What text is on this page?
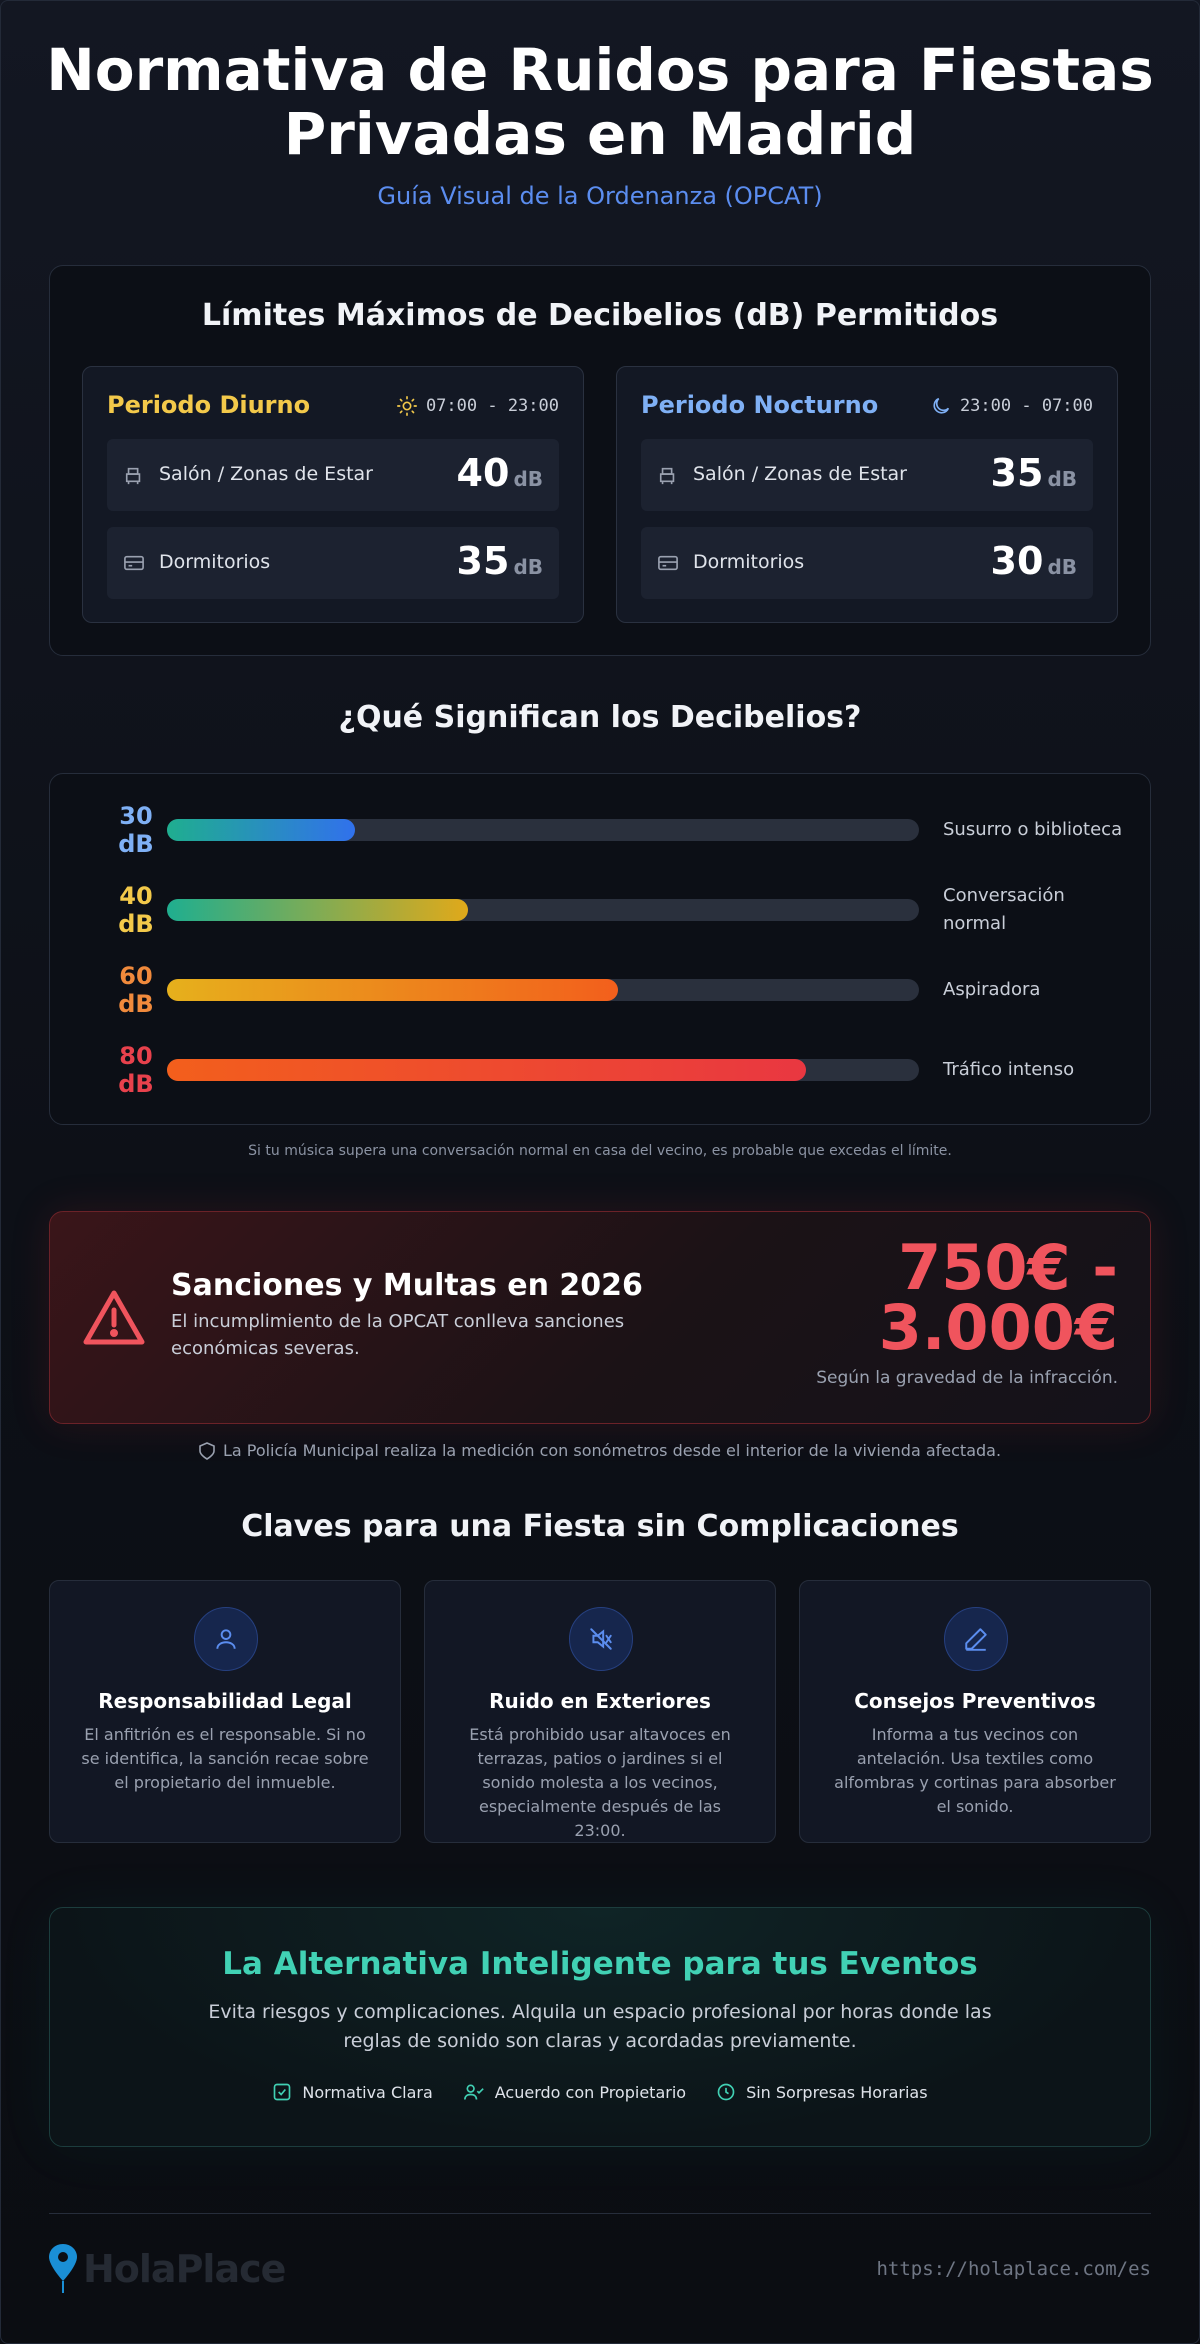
Normativa de Ruidos para Fiestas Privadas en Madrid
Guía Visual de la Ordenanza (OPCAT)
Límites Máximos de Decibelios (dB) Permitidos
Periodo Diurno	07:00 - 23:00
Salón / Zonas de Estar 40 dB
Dormitorios	35 dB
Periodo Nocturno	23:00 - 07:00
Salón / Zonas de Estar 35 dB
Dormitorios	30 dB
¿Qué Significan los Decibelios?
30
dB
Susurro o biblioteca
40
dB
Conversación normal
60
dB
Aspiradora
80
dB
Tráfico intenso
Si tu música supera una conversación normal en casa del vecino, es probable que excedas el límite.
Sanciones y Multas en 2026
El incumplimiento de la OPCAT conlleva sanciones económicas severas.
750€ -
3.000€
Según la gravedad de la infracción.
La Policía Municipal realiza la medición con sonómetros desde el interior de la vivienda afectada.
Claves para una Fiesta sin Complicaciones
Responsabilidad Legal
El anfitrión es el responsable. Si no se identifica, la sanción recae sobre el propietario del inmueble.
Ruido en Exteriores
Está prohibido usar altavoces en terrazas, patios o jardines si el sonido molesta a los vecinos, especialmente después de las 23:00.
Consejos Preventivos
Informa a tus vecinos con antelación. Usa textiles como alfombras y cortinas para absorber el sonido.
La Alternativa Inteligente para tus Eventos
Evita riesgos y complicaciones. Alquila un espacio profesional por horas donde las reglas de sonido son claras y acordadas previamente.
Normativa Clara	Acuerdo con Propietario	Sin Sorpresas Horarias
HolaPlace	https://holaplace.com/es
